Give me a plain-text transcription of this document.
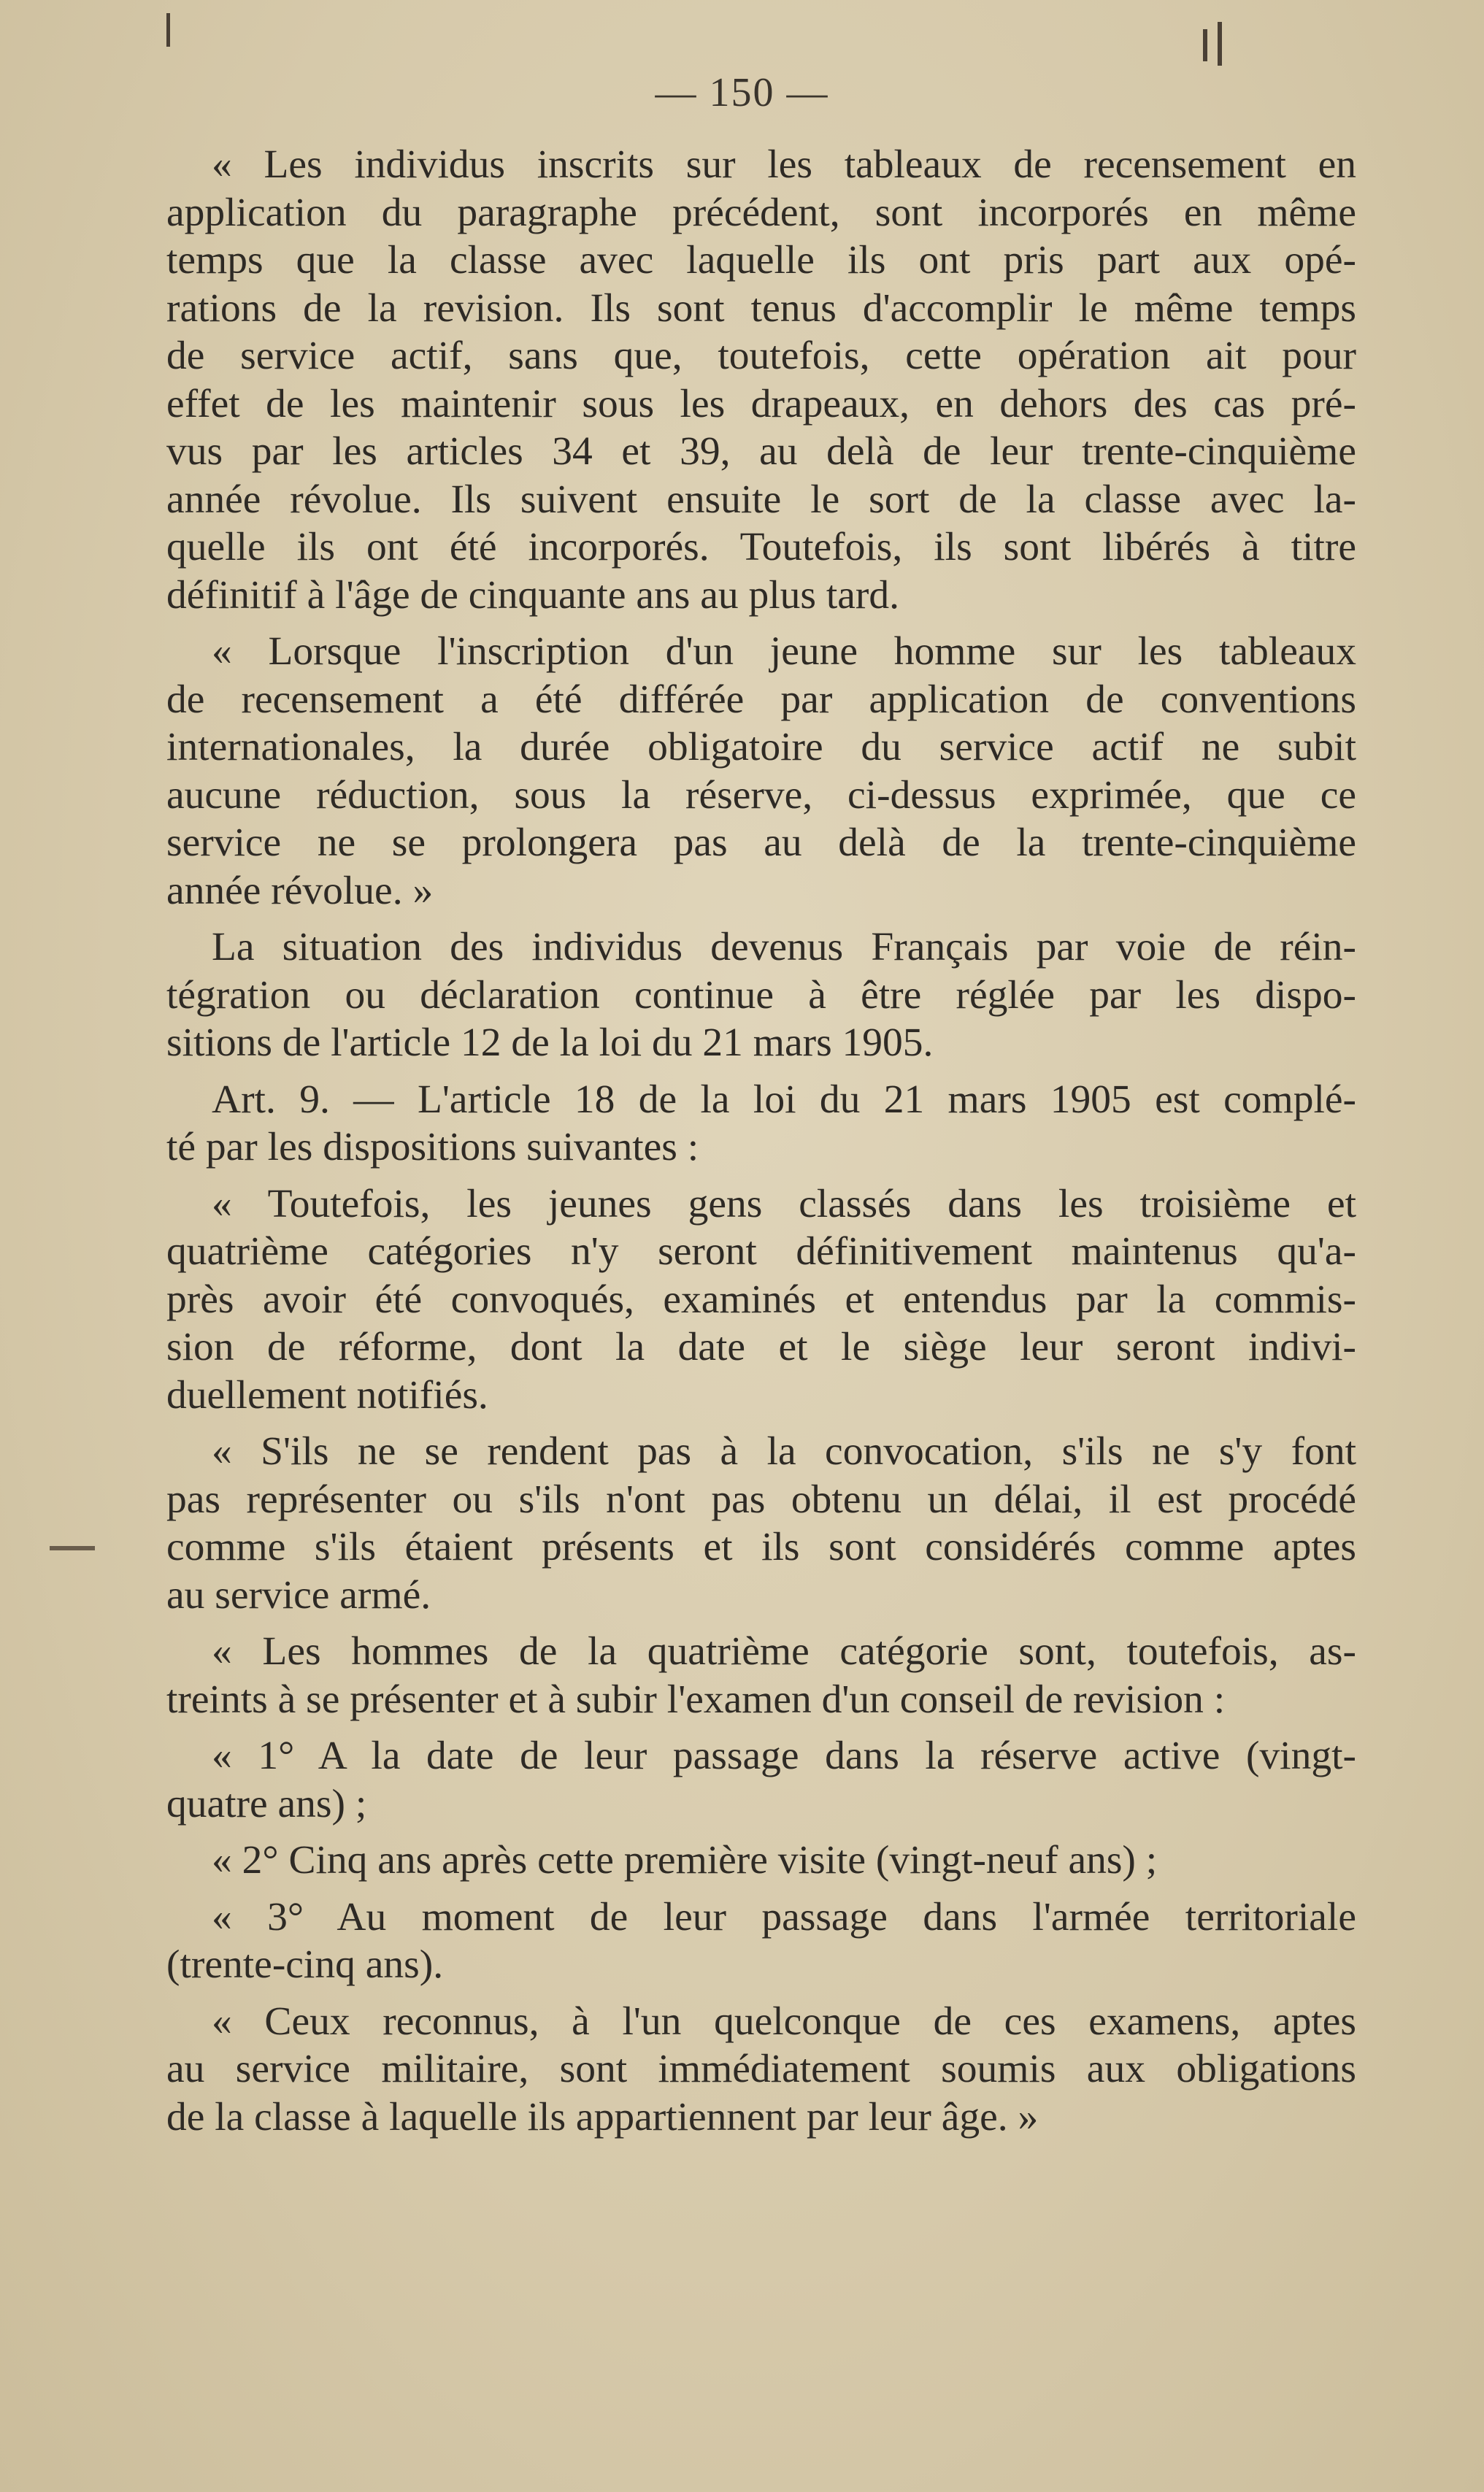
— 150 —

« Les individus inscrits sur les tableaux de recensement en
application du paragraphe précédent, sont incorporés en même
temps que la classe avec laquelle ils ont pris part aux opé-
rations de la revision. Ils sont tenus d'accomplir le même temps
de service actif, sans que, toutefois, cette opération ait pour
effet de les maintenir sous les drapeaux, en dehors des cas pré-
vus par les articles 34 et 39, au delà de leur trente-cinquième
année révolue. Ils suivent ensuite le sort de la classe avec la-
quelle ils ont été incorporés. Toutefois, ils sont libérés à titre
définitif à l'âge de cinquante ans au plus tard.

« Lorsque l'inscription d'un jeune homme sur les tableaux
de recensement a été différée par application de conventions
internationales, la durée obligatoire du service actif ne subit
aucune réduction, sous la réserve, ci-dessus exprimée, que ce
service ne se prolongera pas au delà de la trente-cinquième
année révolue. »

La situation des individus devenus Français par voie de réin-
tégration ou déclaration continue à être réglée par les dispo-
sitions de l'article 12 de la loi du 21 mars 1905.

Art. 9. — L'article 18 de la loi du 21 mars 1905 est complé-
té par les dispositions suivantes :

« Toutefois, les jeunes gens classés dans les troisième et
quatrième catégories n'y seront définitivement maintenus qu'a-
près avoir été convoqués, examinés et entendus par la commis-
sion de réforme, dont la date et le siège leur seront indivi-
duellement notifiés.

« S'ils ne se rendent pas à la convocation, s'ils ne s'y font
pas représenter ou s'ils n'ont pas obtenu un délai, il est procédé
comme s'ils étaient présents et ils sont considérés comme aptes
au service armé.

« Les hommes de la quatrième catégorie sont, toutefois, as-
treints à se présenter et à subir l'examen d'un conseil de revision :

« 1° A la date de leur passage dans la réserve active (vingt-
quatre ans) ;

« 2° Cinq ans après cette première visite (vingt-neuf ans) ;

« 3° Au moment de leur passage dans l'armée territoriale
(trente-cinq ans).

« Ceux reconnus, à l'un quelconque de ces examens, aptes
au service militaire, sont immédiatement soumis aux obligations
de la classe à laquelle ils appartiennent par leur âge. »
